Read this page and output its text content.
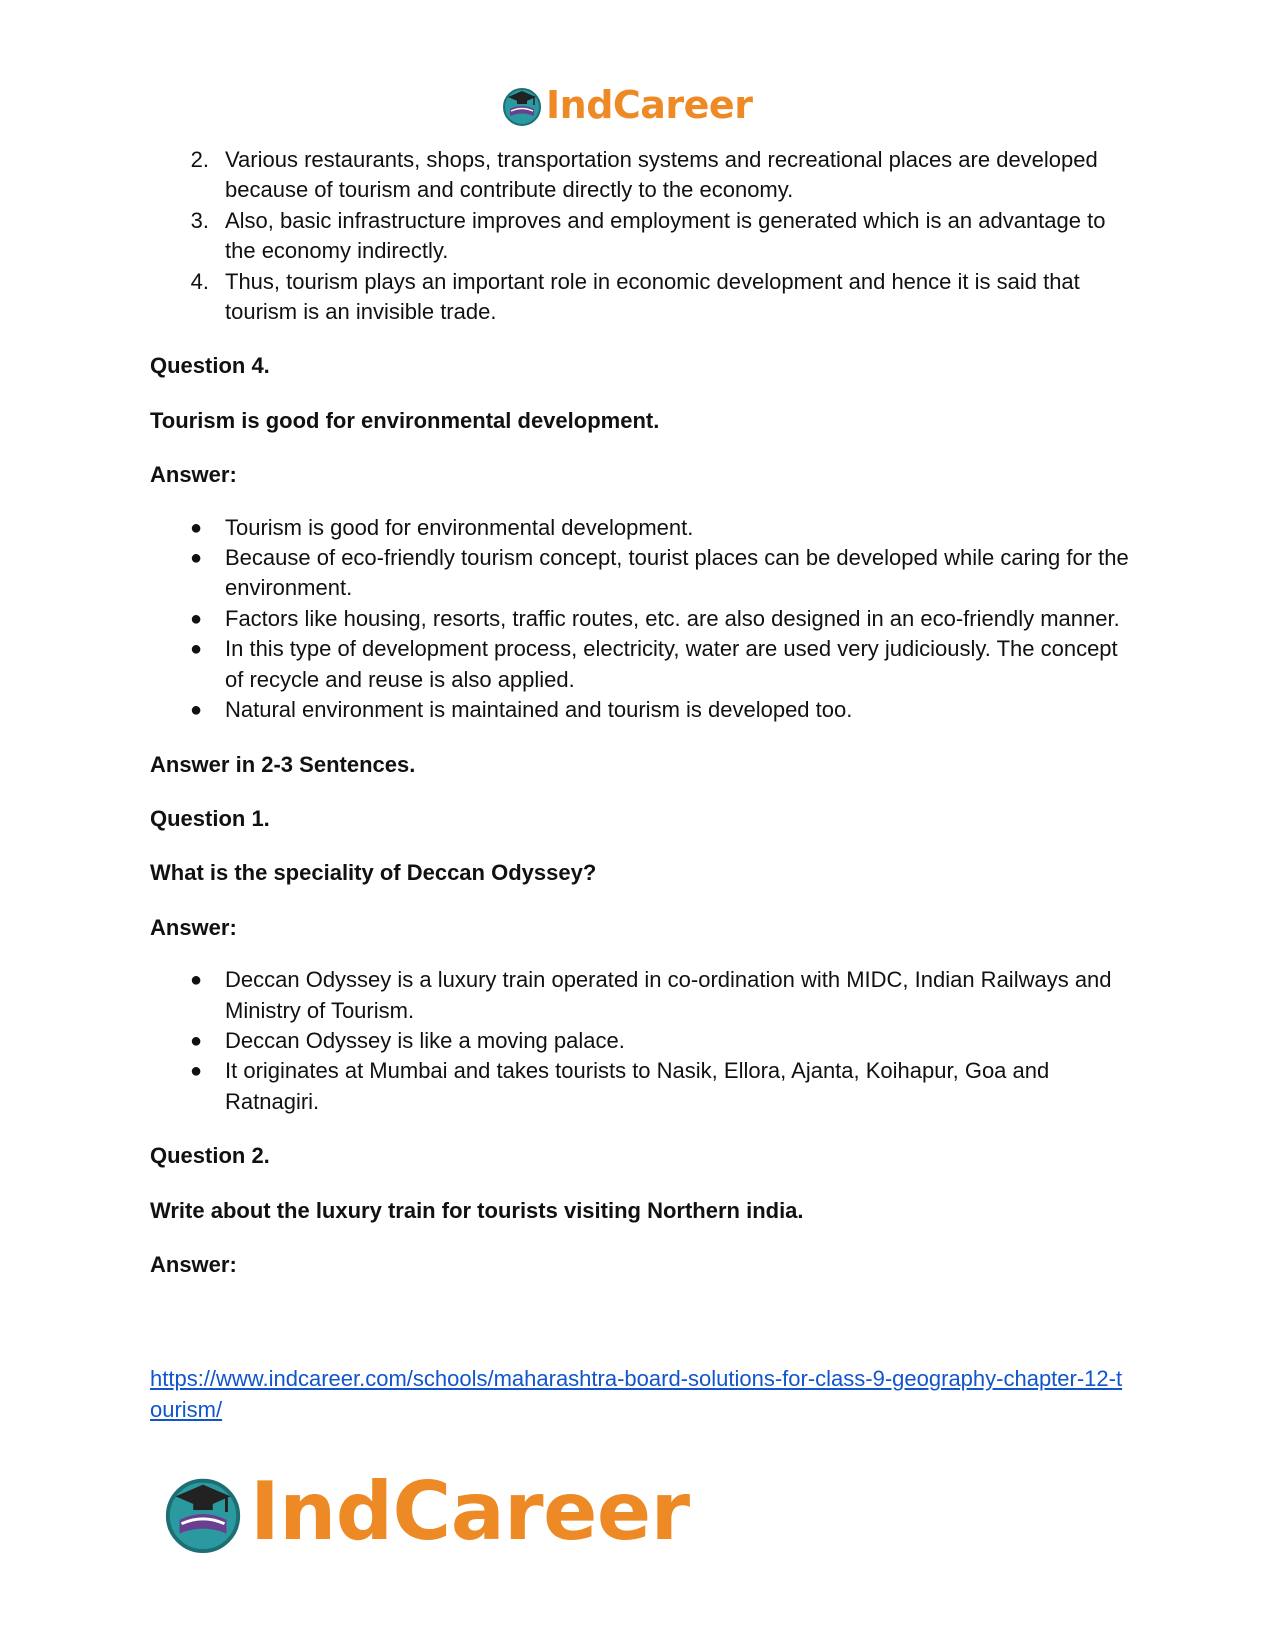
IndCareer
2. Various restaurants, shops, transportation systems and recreational places are developed because of tourism and contribute directly to the economy.
3. Also, basic infrastructure improves and employment is generated which is an advantage to the economy indirectly.
4. Thus, tourism plays an important role in economic development and hence it is said that tourism is an invisible trade.

Question 4.

Tourism is good for environmental development.

Answer:

●	Tourism is good for environmental development.
●	Because of eco-friendly tourism concept, tourist places can be developed while caring for the environment.
●	Factors like housing, resorts, traffic routes, etc. are also designed in an eco-friendly manner.
●	In this type of development process, electricity, water are used very judiciously. The concept of recycle and reuse is also applied.
●	Natural environment is maintained and tourism is developed too.

Answer in 2-3 Sentences.

Question 1.

What is the speciality of Deccan Odyssey?

Answer:

●	Deccan Odyssey is a luxury train operated in co-ordination with MIDC, Indian Railways and Ministry of Tourism.
●	Deccan Odyssey is like a moving palace.
●	It originates at Mumbai and takes tourists to Nasik, Ellora, Ajanta, Koihapur, Goa and Ratnagiri.

Question 2.

Write about the luxury train for tourists visiting Northern india.

Answer:

https://www.indcareer.com/schools/maharashtra-board-solutions-for-class-9-geography-chapter-12-tourism/
IndCareer
